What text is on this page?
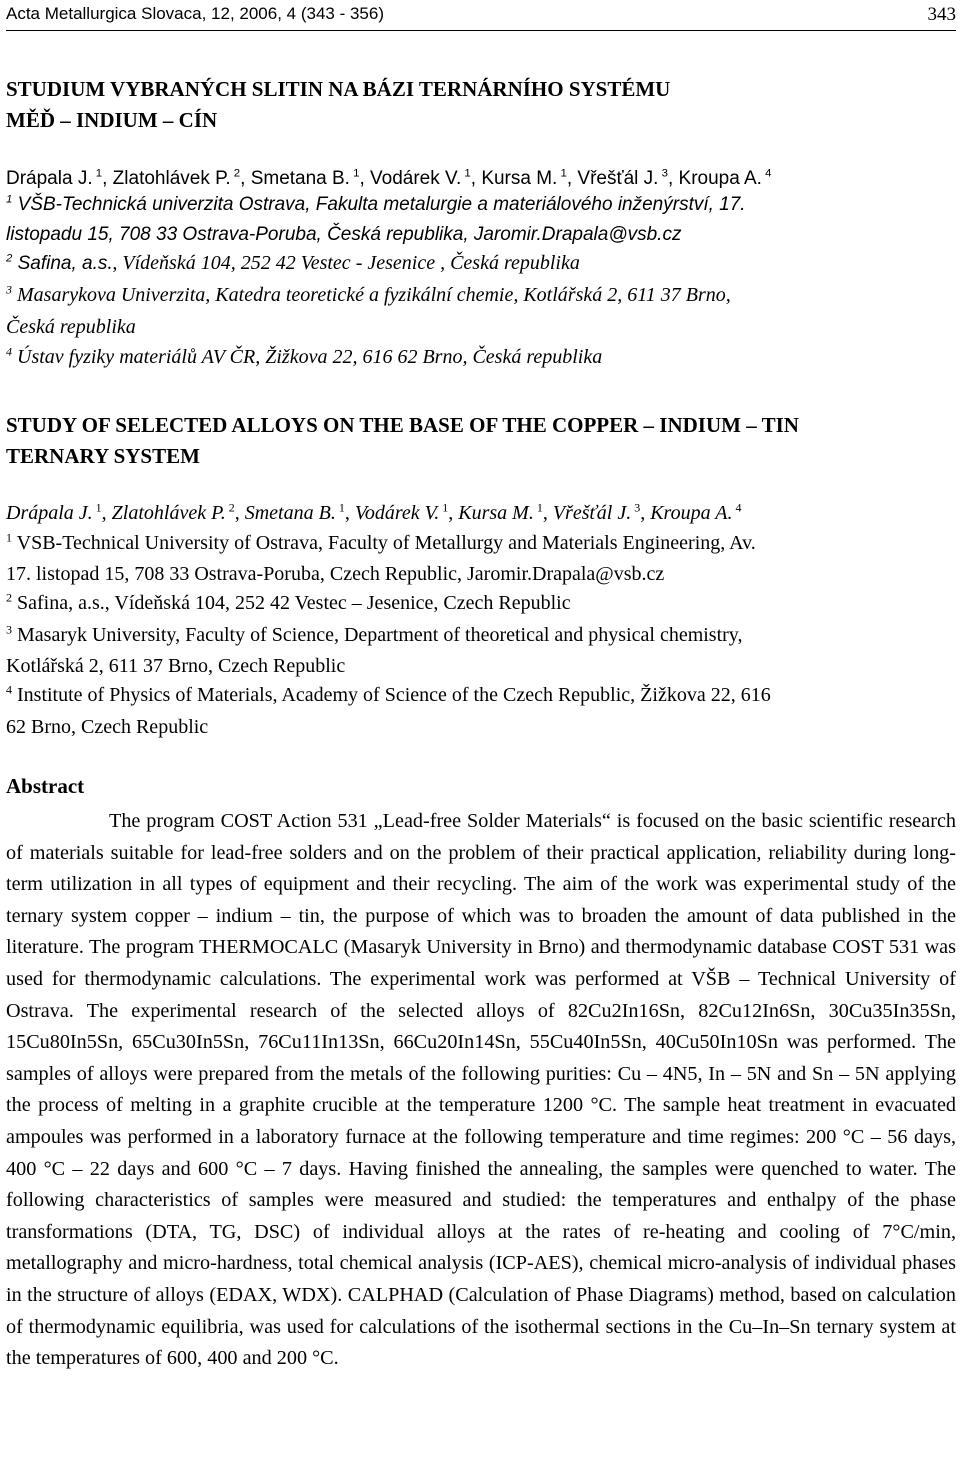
Acta Metallurgica Slovaca, 12, 2006, 4 (343 - 356)	343
STUDIUM VYBRANÝCH SLITIN NA BÁZI TERNÁRNÍHO SYSTÉMU
MĚĎ – INDIUM – CÍN
Drápala J. $^1$, Zlatohlávek P. $^2$, Smetana B. $^1$, Vodárek V. $^1$, Kursa M. $^1$, Vřešťál J. $^3$, Kroupa A. $^4$
$^1$ VŠB-Technická univerzita Ostrava, Fakulta metalurgie a materiálového inženýrství, 17.
listopadu 15, 708 33 Ostrava-Poruba, Česká republika, Jaromir.Drapala@vsb.cz
$^2$ Safina, a.s., Vídeňská 104, 252 42 Vestec - Jesenice , Česká republika
$^3$ Masarykova Univerzita, Katedra teoretické a fyzikální chemie, Kotlářská 2, 611 37 Brno,
Česká republika
$^4$ Ústav fyziky materiálů AV ČR, Žižkova 22, 616 62 Brno, Česká republika
STUDY OF SELECTED ALLOYS ON THE BASE OF THE COPPER – INDIUM – TIN
TERNARY SYSTEM
Drápala J. $^1$, Zlatohlávek P. $^2$, Smetana B. $^1$, Vodárek V. $^1$, Kursa M. $^1$, Vřešťál J. $^3$, Kroupa A. $^4$
$^1$ VSB-Technical University of Ostrava, Faculty of Metallurgy and Materials Engineering, Av.
17. listopad 15, 708 33 Ostrava-Poruba, Czech Republic, Jaromir.Drapala@vsb.cz
$^2$ Safina, a.s., Vídeňská 104, 252 42 Vestec – Jesenice, Czech Republic
$^3$ Masaryk University, Faculty of Science, Department of theoretical and physical chemistry,
Kotlářská 2, 611 37 Brno, Czech Republic
$^4$ Institute of Physics of Materials, Academy of Science of the Czech Republic, Žižkova 22, 616
62 Brno, Czech Republic
Abstract

The program COST Action 531 „Lead-free Solder Materials“ is focused on the basic scientific research of materials suitable for lead-free solders and on the problem of their practical application, reliability during long-term utilization in all types of equipment and their recycling. The aim of the work was experimental study of the ternary system copper – indium – tin, the purpose of which was to broaden the amount of data published in the literature. The program THERMOCALC (Masaryk University in Brno) and thermodynamic database COST 531 was used for thermodynamic calculations. The experimental work was performed at VŠB – Technical University of Ostrava. The experimental research of the selected alloys of 82Cu2In16Sn, 82Cu12In6Sn, 30Cu35In35Sn, 15Cu80In5Sn, 65Cu30In5Sn, 76Cu11In13Sn, 66Cu20In14Sn, 55Cu40In5Sn, 40Cu50In10Sn was performed. The samples of alloys were prepared from the metals of the following purities: Cu – 4N5, In – 5N and Sn – 5N applying the process of melting in a graphite crucible at the temperature 1200 °C. The sample heat treatment in evacuated ampoules was performed in a laboratory furnace at the following temperature and time regimes: 200 °C – 56 days, 400 °C – 22 days and 600 °C – 7 days. Having finished the annealing, the samples were quenched to water. The following characteristics of samples were measured and studied: the temperatures and enthalpy of the phase transformations (DTA, TG, DSC) of individual alloys at the rates of re-heating and cooling of 7°C/min, metallography and micro-hardness, total chemical analysis (ICP-AES), chemical micro-analysis of individual phases in the structure of alloys (EDAX, WDX). CALPHAD (Calculation of Phase Diagrams) method, based on calculation of thermodynamic equilibria, was used for calculations of the isothermal sections in the Cu–In–Sn ternary system at the temperatures of 600, 400 and 200 °C.
